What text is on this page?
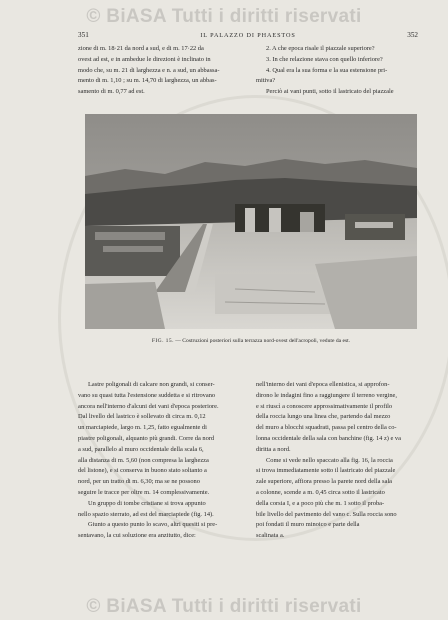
© BiASA Tutti i diritti riservati
351	IL PALAZZO DI PHAESTOS	352

zione di m. 18·21 da nord a sud, e di m. 17·22 da

ovest ad est, e in ambedue le direzioni è inclinato in

modo che, su m. 21 di larghezza e n. a sud, un abbassa-

mento di m. 1,10 ; su m. 14,70 di larghezza, un abbas-

samento di m. 0,77 ad est.

2. A che epoca risale il piazzale superiore?

3. In che relazione stava con quello inferiore?

4. Qual era la sua forma e la sua estensione pri-

mitiva?

Perciò ai vani punti, sotto il lastricato del piazzale

FIG. 15. — Costruzioni posteriori sulla terrazza nord-ovest dell'acropoli, vedute da est.

Lastre poligonali di calcare non grandi, si conser-

vano su quasi tutta l'estensione suddetta e si ritrovano

ancora nell'interno d'alcuni dei vani d'epoca posteriore.

Dal livello del lastrico è sollevato di circa m. 0,12

un marciapiede, largo m. 1,25, fatto egualmente di

piastre poligonali, alquanto più grandi. Corre da nord

a sud, parallelo al muro occidentale della scala 6,

alla distanza di m. 5,60 (non compresa la larghezza

del listone), e si conserva in buono stato soltanto a

nord, per un tratto di m. 6,30; ma se ne possono

seguire le tracce per oltre m. 14 complessivamente.

Un gruppo di tombe cristiane si trova appunto

nello spazio sterrato, ad est del marciapiede (fig. 14).

Giunto a questo punto lo scavo, altri quesiti si pre-

sentavano, la cui soluzione era anzitutto, dice:

nell'interno dei vani d'epoca ellenistica, si approfon-

dirono le indagini fino a raggiungere il terreno vergine,

e si riuscì a conoscere approssimativamente il profilo

della roccia lungo una linea che, partendo dal mezzo

del muro a blocchi squadrati, passa pel centro della co-

lonna occidentale della sala con banchine (fig. 14 z) e va

diritta a nord.

Come si vede nello spaccato alla fig. 16, la roccia

si trova immediatamente sotto il lastricato del piazzale

zale superiore, affiora presso la parete nord della sala

a colonne, scende a m. 0,45 circa sotto il lastricato

della corsia I, e a poco più che m. 1 sotto il proba-

bile livello del pavimento del vano c. Sulla roccia sono

poi fondati il muro minoico e parte della

scalinata a.

© BiASA Tutti i diritti riservati
